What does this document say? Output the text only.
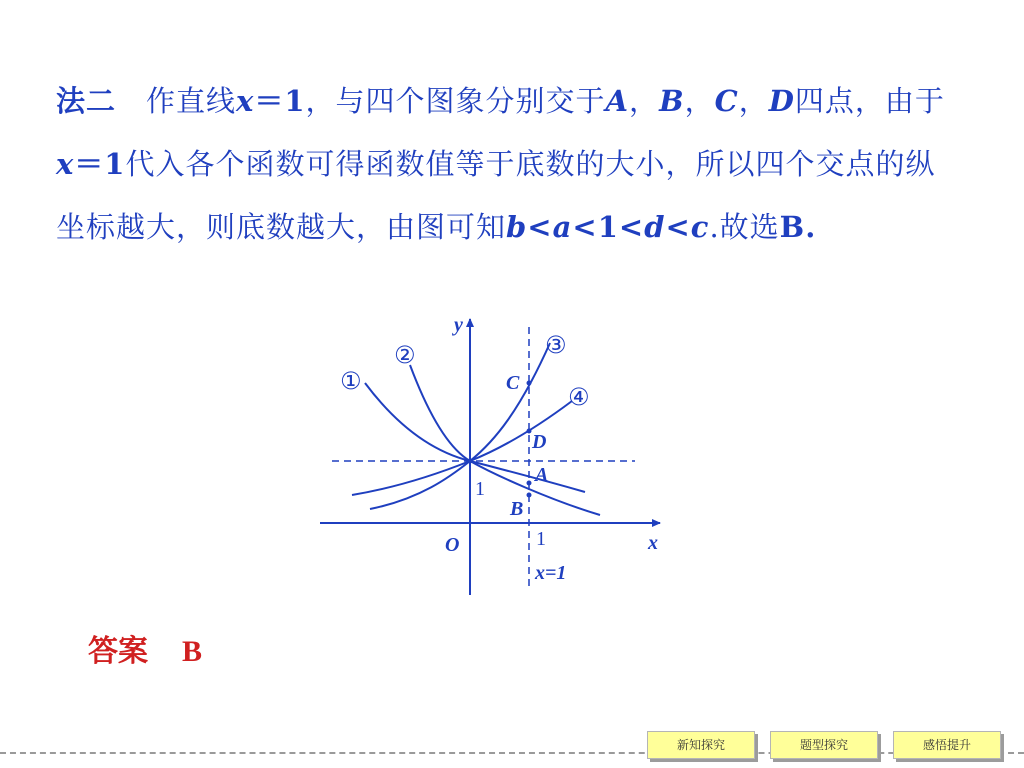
法二 作直线x＝1，与四个图象分别交于A，B，C，D四点，由于x＝1代入各个函数可得函数值等于底数的大小，所以四个交点的纵坐标越大，则底数越大，由图可知b<a<1<d<c.故选B.
y
x
O
1
1
x=1
①
②	③
④
C
D
A
B
答案 B
新知探究	题型探究	感悟提升
